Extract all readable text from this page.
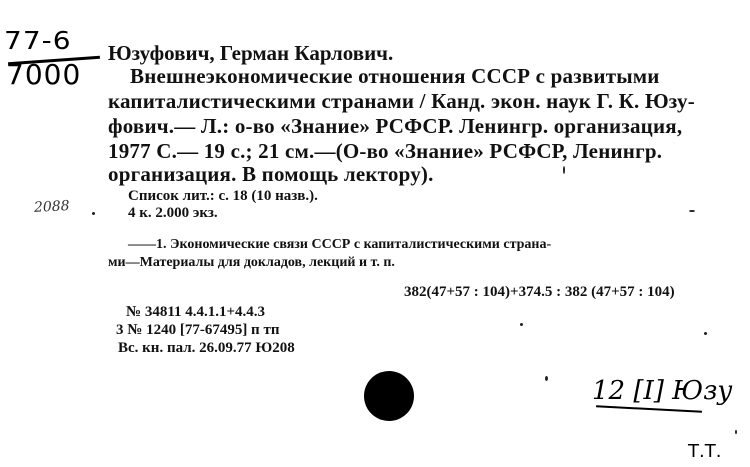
77-6
7000
Юзуфович, Герман Карлович.
Внешнеэкономические отношения СССР с развитыми
капиталистическими странами / Канд. экон. наук Г. К. Юзу-
фович.— Л.: о-во «Знание» РСФСР. Ленингр. организация,
1977 С.— 19 с.; 21 см.—(О-во «Знание» РСФСР, Ленингр.
организация. В помощь лектору).
Список лит.: с. 18 (10 назв.).
4 к. 2.000 экз.
2088
——1. Экономические связи СССР с капиталистическими страна-
ми—Материалы для докладов, лекций и т. п.
382(47+57 : 104)+374.5 : 382 (47+57 : 104)
№ 34811 4.4.1.1+4.4.3
3 № 1240 [77-67495] п тп
Вс. кн. пал. 26.09.77 Ю208
12 [I] Юзу
Т.Т.
